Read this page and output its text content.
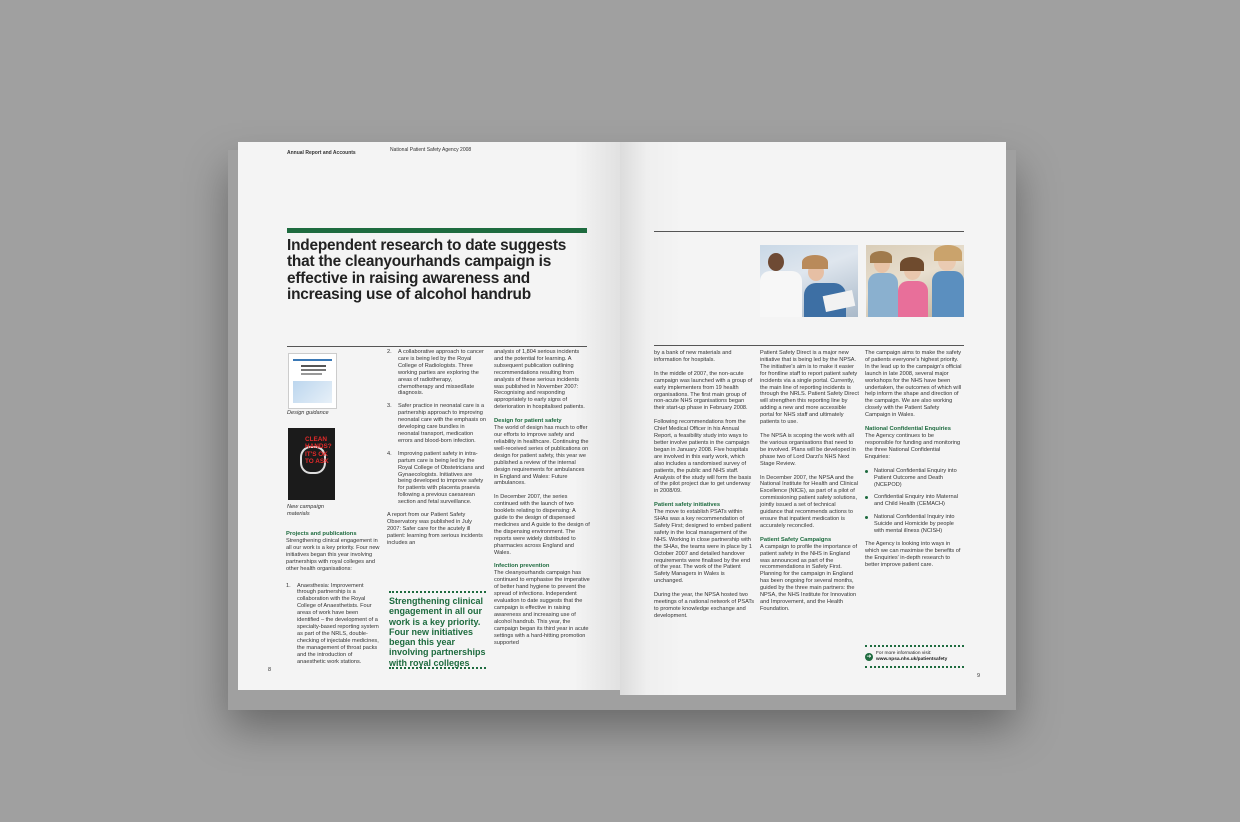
Annual Report and Accounts	National Patient Safety Agency 2008
Independent research to date suggests that the cleanyourhands campaign is effective in raising awareness and increasing use of alcohol handrub
Design guidance
CLEAN HANDS? IT'S OK TO ASK
New campaign materials
Projects and publications
Strengthening clinical engagement in all our work is a key priority. Four new initiatives began this year involving partnerships with royal colleges and other health organisations:
1.	Anaesthesia: Improvement through partnership is a collaboration with the Royal College of Anaesthetists. Four areas of work have been identified – the development of a specialty-based reporting system as part of the NRLS, double-checking of injectable medicines, the management of throat packs and the introduction of anaesthetic work stations.
2.	A collaborative approach to cancer care is being led by the Royal College of Radiologists. Three working parties are exploring the areas of radiotherapy, chemotherapy and missed/late diagnosis.
3.	Safer practice in neonatal care is a partnership approach to improving neonatal care with the emphasis on developing care bundles in neonatal transport, medication errors and blood-born infection.
4.	Improving patient safety in intra-partum care is being led by the Royal College of Obstetricians and Gynaecologists. Initiatives are being developed to improve safety for patients with placenta praevia following a previous caesarean section and fetal surveillance.
A report from our Patient Safety Observatory was published in July 2007: Safer care for the acutely ill patient: learning from serious incidents includes an
Strengthening clinical engagement in all our work is a key priority. Four new initiatives began this year involving partnerships with royal colleges
analysis of 1,804 serious incidents and the potential for learning. A subsequent publication outlining recommendations resulting from analysis of these serious incidents was published in November 2007: Recognising and responding appropriately to early signs of deterioration in hospitalised patients.
Design for patient safety
The world of design has much to offer our efforts to improve safety and reliability in healthcare. Continuing the well-received series of publications on design for patient safety, this year we published a review of the internal design requirements for ambulances in England and Wales: Future ambulances.
In December 2007, the series continued with the launch of two booklets relating to dispensing: A guide to the design of dispensed medicines and A guide to the design of the dispensing environment. The reports were widely distributed to pharmacies across England and Wales.
Infection prevention
The cleanyourhands campaign has continued to emphasise the imperative of better hand hygiene to prevent the spread of infections. Independent evaluation to date suggests that the campaign is effective in raising awareness and increasing use of alcohol handrub. This year, the campaign began its third year in acute settings with a hard-hitting promotion supported
8
by a bank of new materials and information for hospitals.
In the middle of 2007, the non-acute campaign was launched with a group of early implementers from 19 health organisations. The first main group of non-acute NHS organisations began their start-up phase in February 2008.
Following recommendations from the Chief Medical Officer in his Annual Report, a feasibility study into ways to better involve patients in the campaign began in January 2008. Five hospitals are involved in this early work, which also includes a randomised survey of patients, the public and NHS staff. Analysis of the study will form the basis of the pilot project due to get underway in 2008/09.
Patient safety initiatives
The move to establish PSATs within SHAs was a key recommendation of Safety First; designed to embed patient safety in the local management of the NHS. Working in close partnership with the SHAs, the teams were in place by 1 October 2007 and detailed handover requirements were finalised by the end of the year. The work of the Patient Safety Managers in Wales is unchanged.
During the year, the NPSA hosted two meetings of a national network of PSATs to promote knowledge exchange and development.
Patient Safety Direct is a major new initiative that is being led by the NPSA. The initiative's aim is to make it easier for frontline staff to report patient safety incidents via a single portal. Currently, the main line of reporting incidents is through the NRLS. Patient Safety Direct will strengthen this reporting line by adding a new and more accessible portal for NHS staff and ultimately patients to use.
The NPSA is scoping the work with all the various organisations that need to be involved. Plans will be developed in phase two of Lord Darzi's NHS Next Stage Review.
In December 2007, the NPSA and the National Institute for Health and Clinical Excellence (NICE), as part of a pilot of commissioning patient safety solutions, jointly issued a set of technical guidance that recommends actions to ensure that inpatient medication is accurately reconciled.
Patient Safety Campaigns
A campaign to profile the importance of patient safety in the NHS in England was announced as part of the recommendations in Safety First. Planning for the campaign in England has been ongoing for several months, guided by the three main partners: the NPSA, the NHS Institute for Innovation and Improvement, and the Health Foundation.
The campaign aims to make the safety of patients everyone's highest priority. In the lead up to the campaign's official launch in late 2008, several major workshops for the NHS have been undertaken, the outcomes of which will help inform the shape and direction of the campaign. We are also working closely with the Patient Safety Campaign in Wales.
National Confidential Enquiries
The Agency continues to be responsible for funding and monitoring the three National Confidential Enquiries:
National Confidential Enquiry into Patient Outcome and Death (NCEPOD)
Confidential Enquiry into Maternal and Child Health (CEMACH)
National Confidential Inquiry into Suicide and Homicide by people with mental illness (NCISH)
The Agency is looking into ways in which we can maximise the benefits of the Enquiries' in-depth research to better improve patient care.
➜
For more information visit:
www.npsa.nhs.uk/patientsafety
9
